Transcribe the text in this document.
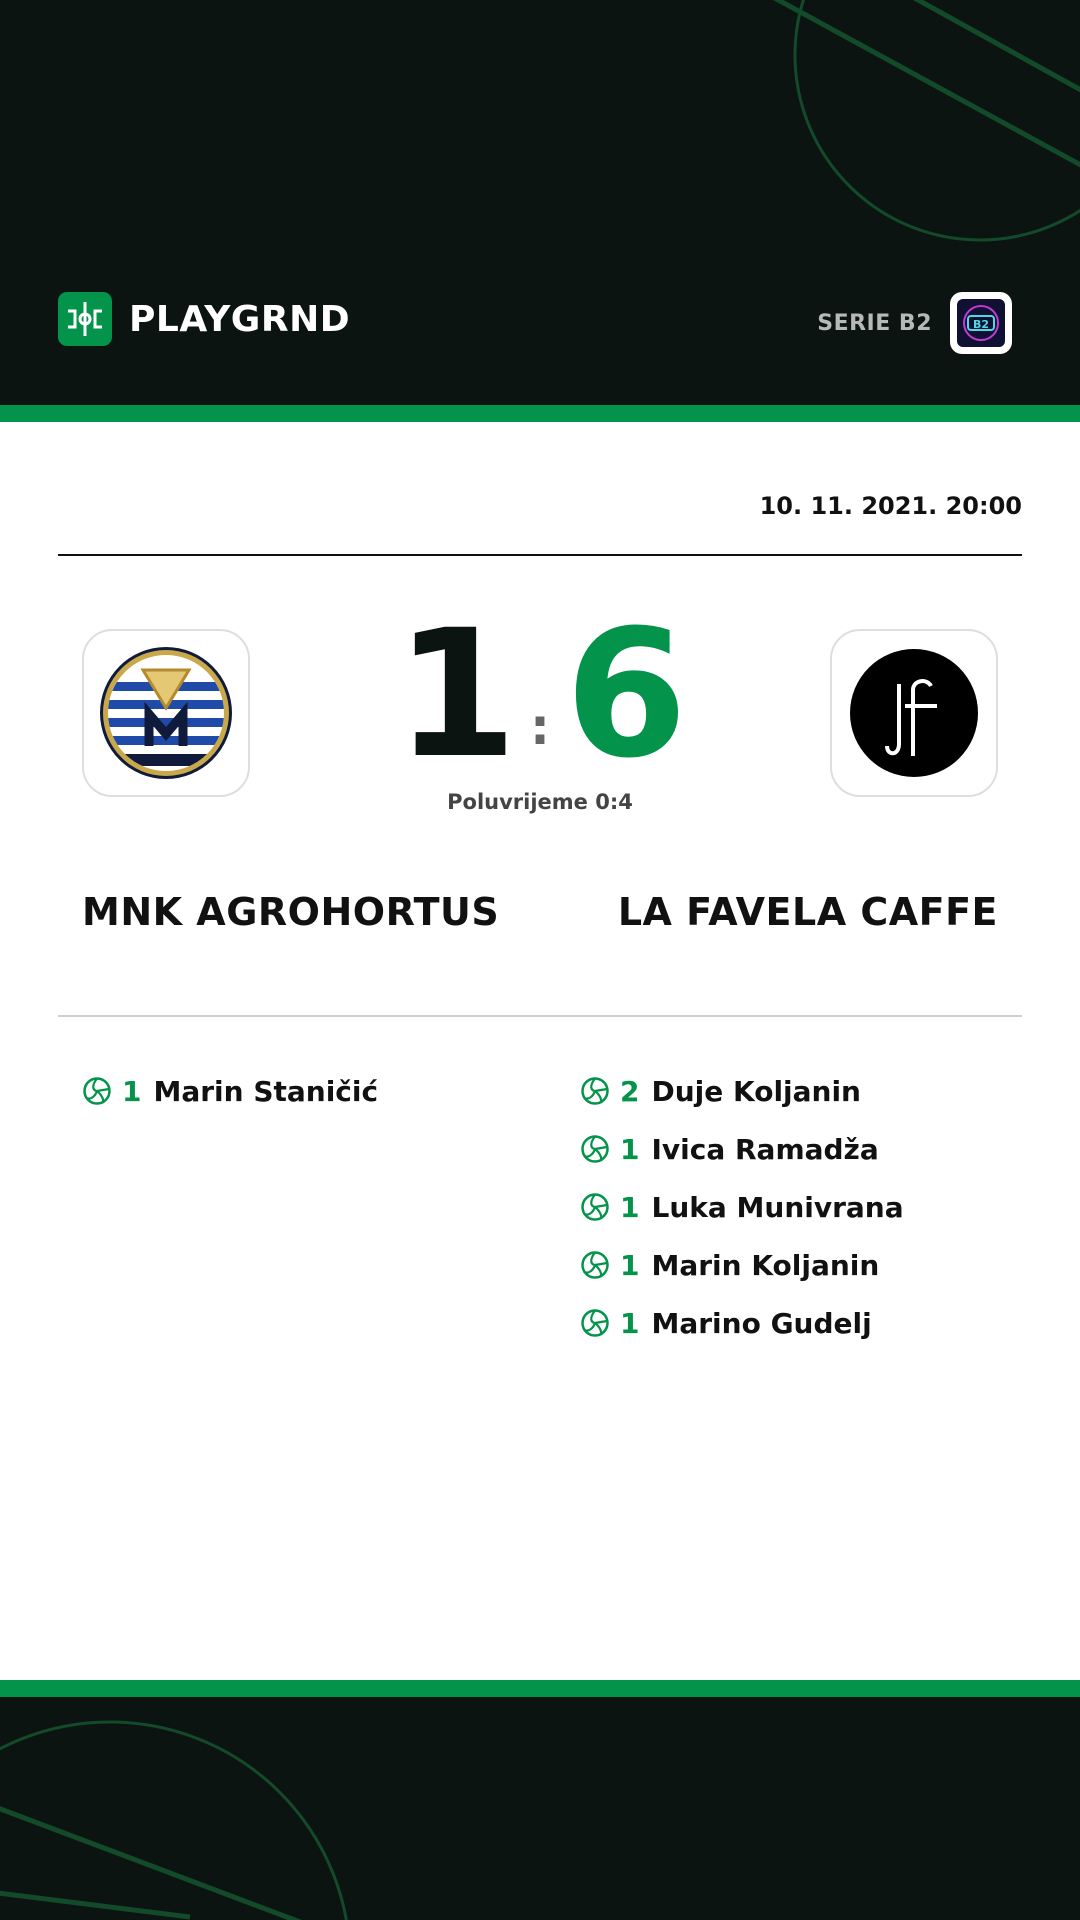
PLAYGRND	SERIE B2	B2
10. 11. 2021. 20:00
1 : 6
Poluvrijeme 0:4
MNK AGROHORTUS	LA FAVELA CAFFE
1 Marin Staničić	2 Duje Koljanin
1 Ivica Ramadža
1 Luka Munivrana
1 Marin Koljanin
1 Marino Gudelj
